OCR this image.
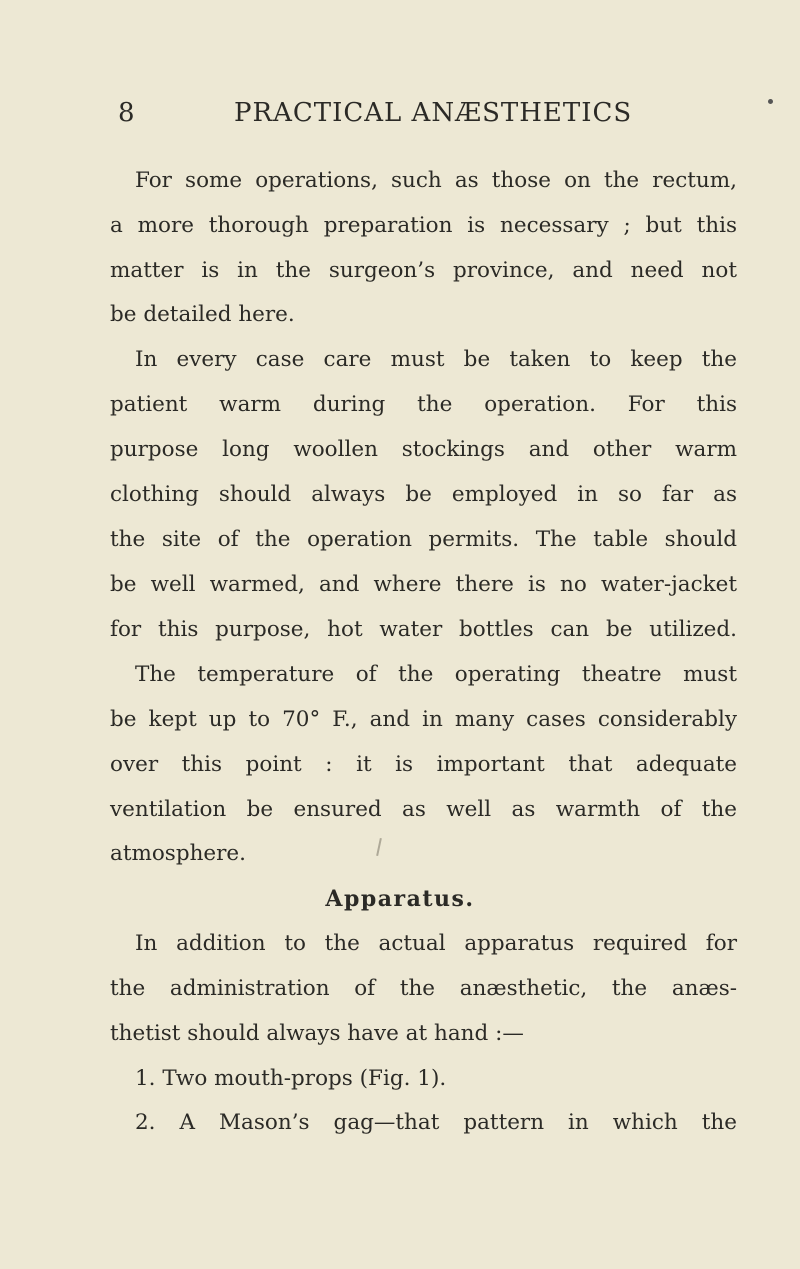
8	PRACTICAL ANÆSTHETICS
For some operations, such as those on the rectum,
a more thorough preparation is necessary ; but this
matter is in the surgeon’s province, and need not
be detailed here.
In every case care must be taken to keep the
patient warm during the operation. For this
purpose long woollen stockings and other warm
clothing should always be employed in so far as
the site of the operation permits. The table should
be well warmed, and where there is no water-jacket
for this purpose, hot water bottles can be utilized.
The temperature of the operating theatre must
be kept up to 70° F., and in many cases considerably
over this point : it is important that adequate
ventilation be ensured as well as warmth of the
atmosphere.
Apparatus.
In addition to the actual apparatus required for
the administration of the anæsthetic, the anæs-
thetist should always have at hand :—
1. Two mouth-props (Fig. 1).
2. A Mason’s gag—that pattern in which the
